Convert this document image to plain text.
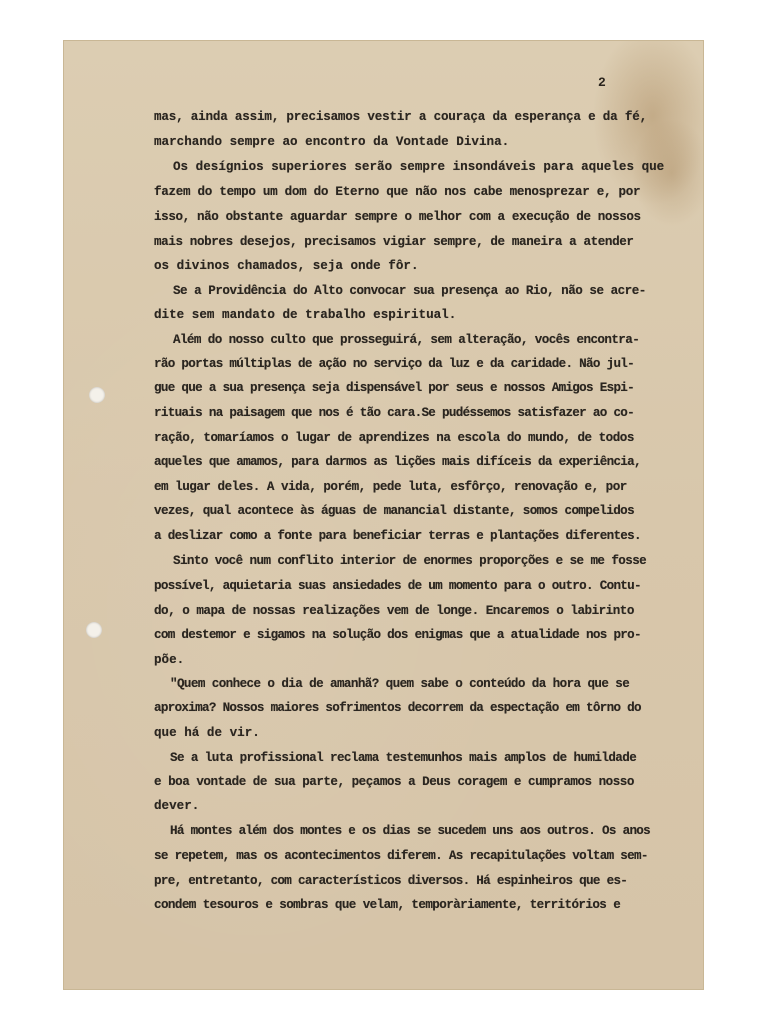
2
mas, ainda assim, precisamos vestir a couraça da esperança e da fé,
marchando sempre ao encontro da Vontade Divina.
Os desígnios superiores serão sempre insondáveis para aqueles que
fazem do tempo um dom do Eterno que não nos cabe menosprezar e, por
isso, não obstante aguardar sempre o melhor com a execução de nossos
mais nobres desejos, precisamos vigiar sempre, de maneira a atender
os divinos chamados, seja onde fôr.
Se a Providência do Alto convocar sua presença ao Rio, não se acre-
dite sem mandato de trabalho espiritual.
Além do nosso culto que prosseguirá, sem alteração, vocês encontra-
rão portas múltiplas de ação no serviço da luz e da caridade. Não jul-
gue que a sua presença seja dispensável por seus e nossos Amigos Espi-
rituais na paisagem que nos é tão cara.Se pudéssemos satisfazer ao co-
ração, tomaríamos o lugar de aprendizes na escola do mundo, de todos
aqueles que amamos, para darmos as lições mais difíceis da experiência,
em lugar deles. A vida, porém, pede luta, esfôrço, renovação e, por
vezes, qual acontece às águas de manancial distante, somos compelidos
a deslizar como a fonte para beneficiar terras e plantações diferentes.
Sinto você num conflito interior de enormes proporções e se me fosse
possível, aquietaria suas ansiedades de um momento para o outro. Contu-
do, o mapa de nossas realizações vem de longe. Encaremos o labirinto
com destemor e sigamos na solução dos enigmas que a atualidade nos pro-
põe.
"Quem conhece o dia de amanhã? quem sabe o conteúdo da hora que se
aproxima? Nossos maiores sofrimentos decorrem da espectação em tôrno do
que há de vir.
Se a luta profissional reclama testemunhos mais amplos de humildade
e boa vontade de sua parte, peçamos a Deus coragem e cumpramos nosso
dever.
Há montes além dos montes e os dias se sucedem uns aos outros. Os anos
se repetem, mas os acontecimentos diferem. As recapitulações voltam sem-
pre, entretanto, com característicos diversos. Há espinheiros que es-
condem tesouros e sombras que velam, temporàriamente, territórios e
